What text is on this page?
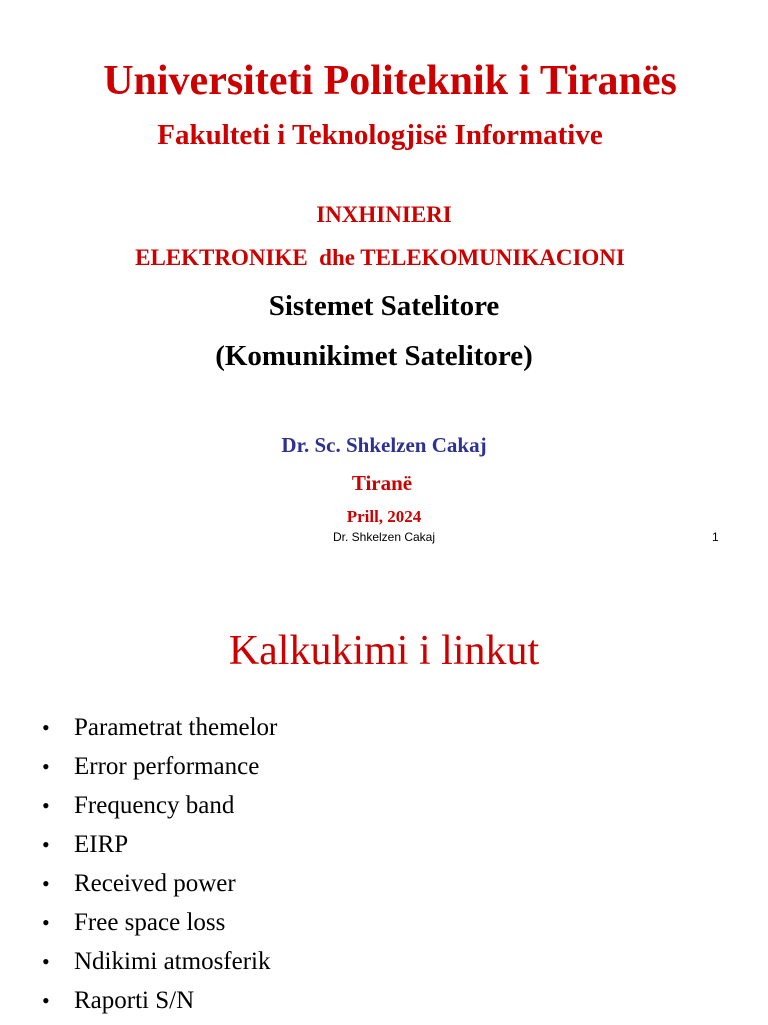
Universiteti Politeknik i Tiranës
Fakulteti i Teknologjisë Informative
INXHINIERI
ELEKTRONIKE  dhe TELEKOMUNIKACIONI
Sistemet Satelitore
(Komunikimet Satelitore)
Dr. Sc. Shkelzen Cakaj
Tiranë
Prill, 2024
Dr. Shkelzen Cakaj	1
Kalkukimi i linkut
• Parametrat themelor
• Error performance
• Frequency band
• EIRP
• Received power
• Free space loss
• Ndikimi atmosferik
• Raporti S/N
